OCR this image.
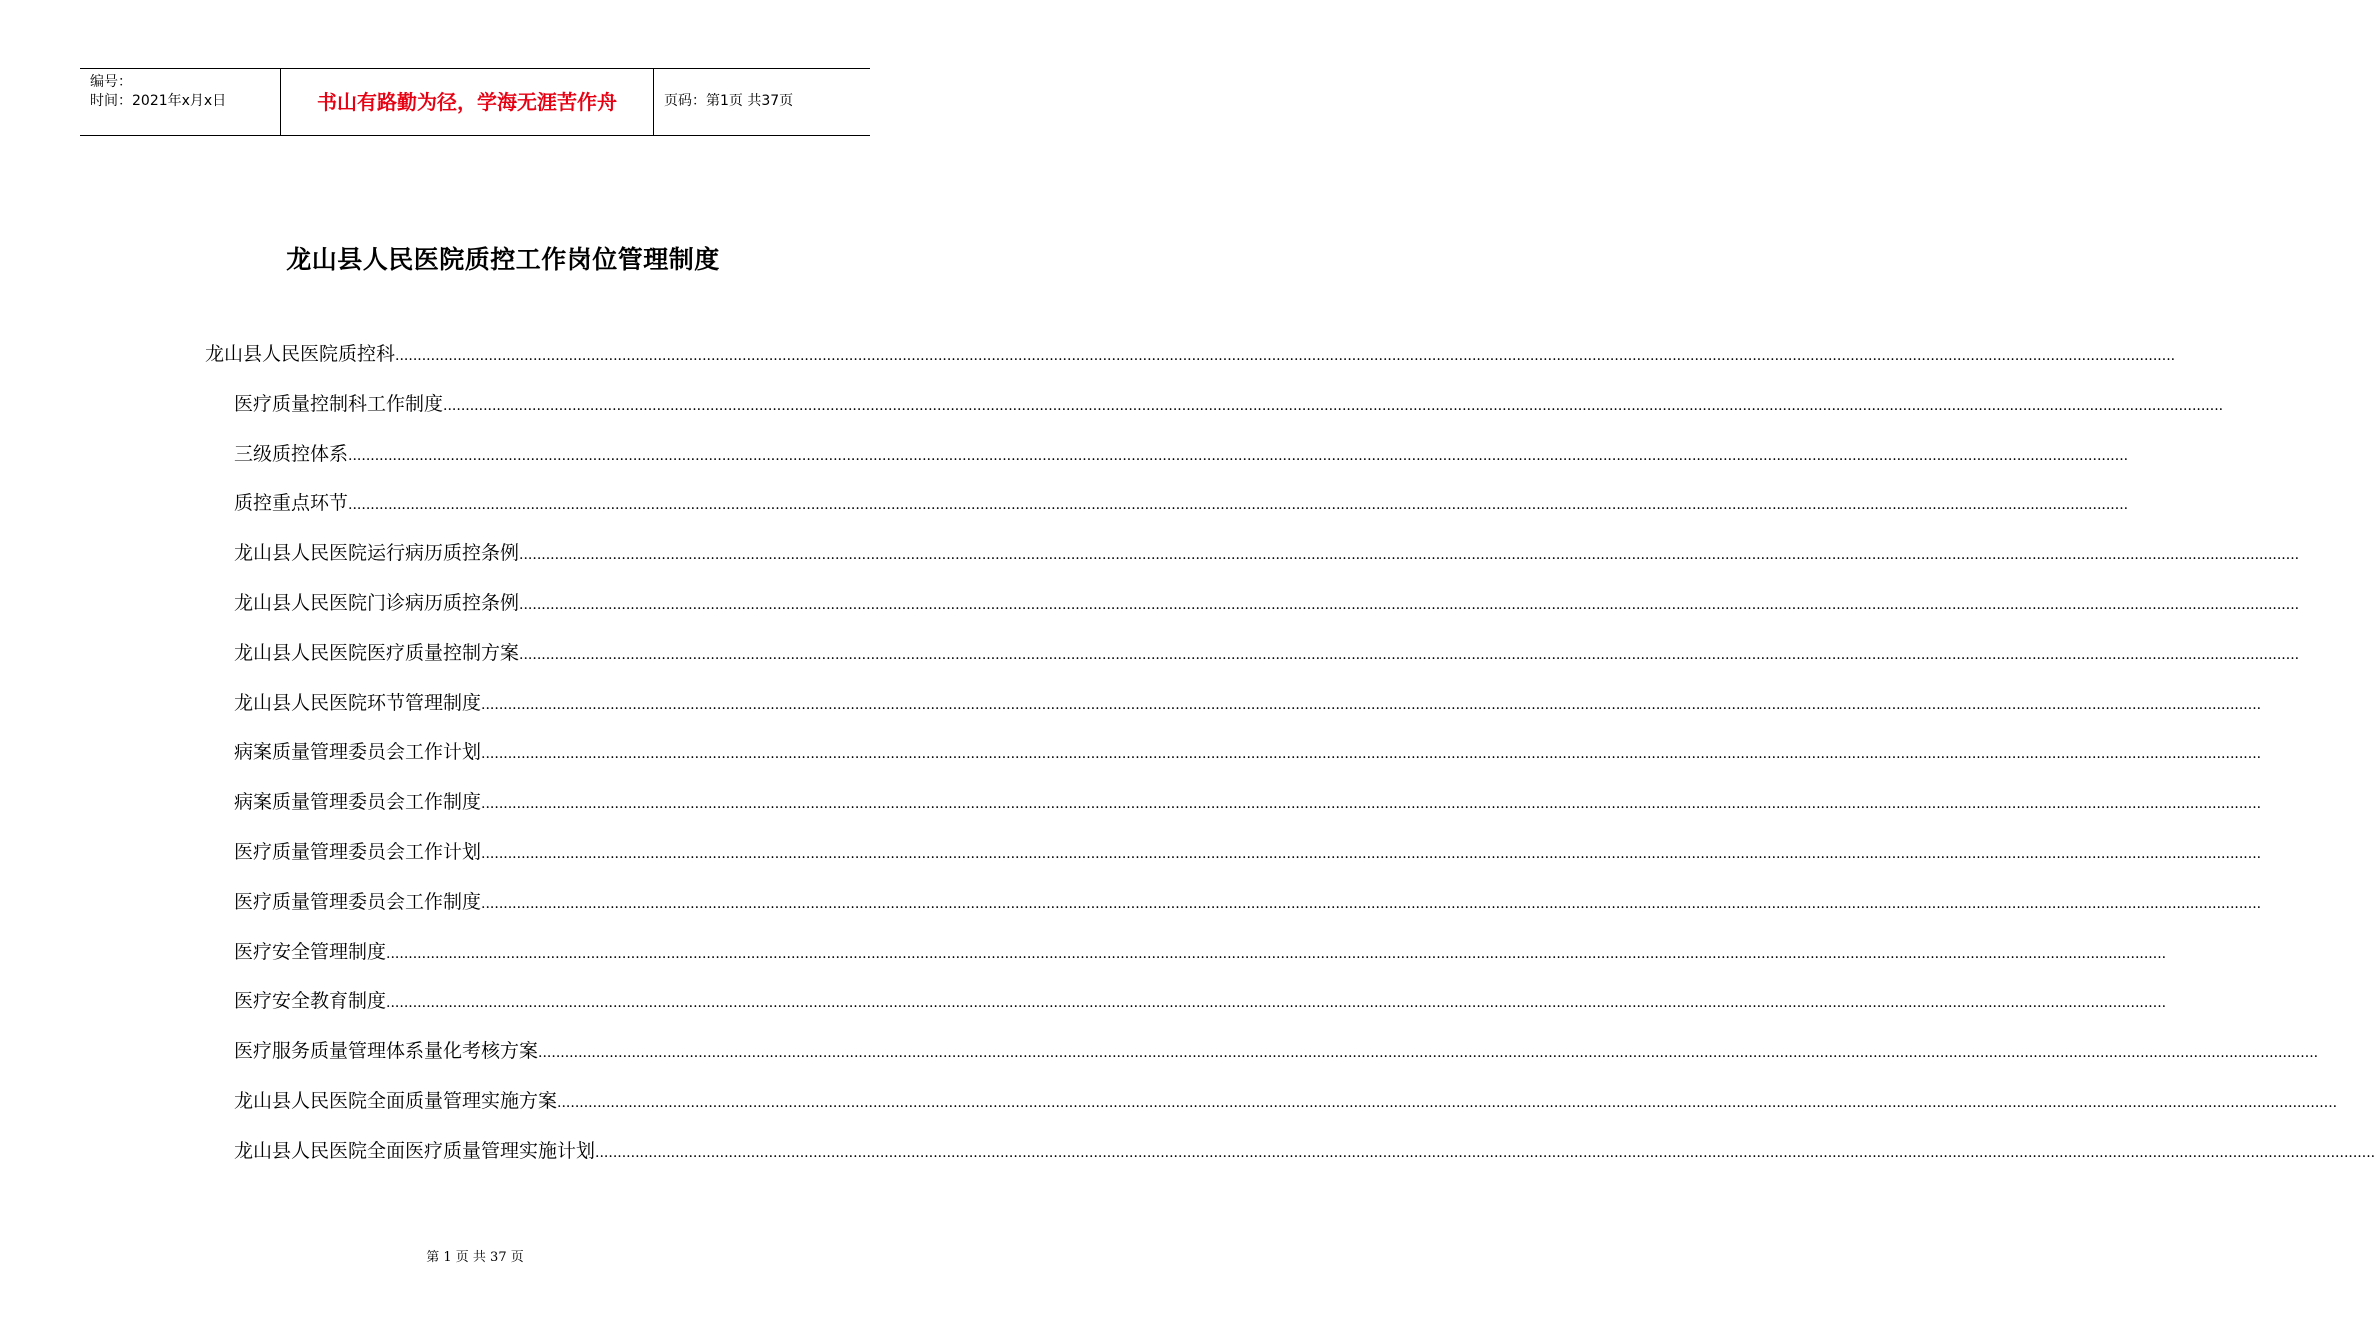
编号：
时间：2021年x月x日	书山有路勤为径，学海无涯苦作舟	页码：第1页 共37页
龙山县人民医院质控工作岗位管理制度
龙山县人民医院质控科 ................................................................................................................................................................................................................................................................................................................................................................................................................
医疗质量控制科工作制度 ................................................................................................................................................................................................................................................................................................................................................................................................................
三级质控体系 ................................................................................................................................................................................................................................................................................................................................................................................................................
质控重点环节 ................................................................................................................................................................................................................................................................................................................................................................................................................
龙山县人民医院运行病历质控条例 ................................................................................................................................................................................................................................................................................................................................................................................................................
龙山县人民医院门诊病历质控条例 ................................................................................................................................................................................................................................................................................................................................................................................................................
龙山县人民医院医疗质量控制方案 ................................................................................................................................................................................................................................................................................................................................................................................................................
龙山县人民医院环节管理制度 ................................................................................................................................................................................................................................................................................................................................................................................................................
病案质量管理委员会工作计划 ................................................................................................................................................................................................................................................................................................................................................................................................................
病案质量管理委员会工作制度 ................................................................................................................................................................................................................................................................................................................................................................................................................
医疗质量管理委员会工作计划 ................................................................................................................................................................................................................................................................................................................................................................................................................
医疗质量管理委员会工作制度 ................................................................................................................................................................................................................................................................................................................................................................................................................
医疗安全管理制度 ................................................................................................................................................................................................................................................................................................................................................................................................................
医疗安全教育制度 ................................................................................................................................................................................................................................................................................................................................................................................................................
医疗服务质量管理体系量化考核方案 ................................................................................................................................................................................................................................................................................................................................................................................................................
龙山县人民医院全面质量管理实施方案 ................................................................................................................................................................................................................................................................................................................................................................................................................
龙山县人民医院全面医疗质量管理实施计划 ................................................................................................................................................................................................................................................................................................................................................................................................................
第 1 页 共 37 页
